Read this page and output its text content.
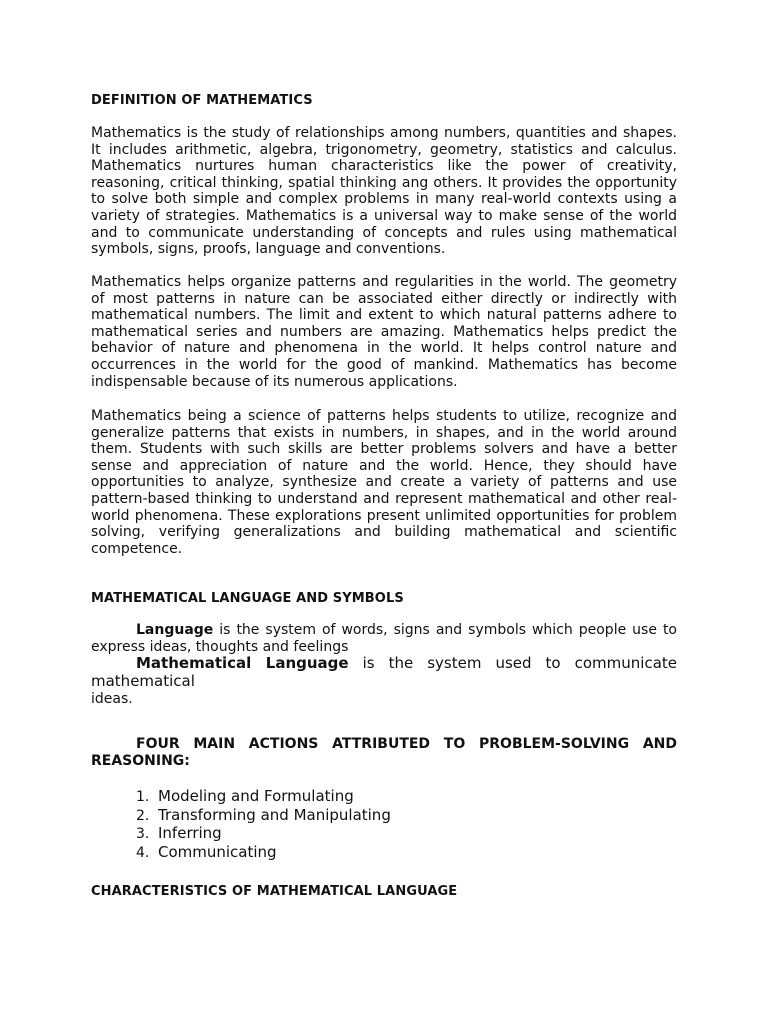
DEFINITION OF MATHEMATICS
Mathematics is the study of relationships among numbers, quantities and shapes. It includes arithmetic, algebra, trigonometry, geometry, statistics and calculus. Mathematics nurtures human characteristics like the power of creativity, reasoning, critical thinking, spatial thinking ang others. It provides the opportunity to solve both simple and complex problems in many real-world contexts using a variety of strategies. Mathematics is a universal way to make sense of the world and to communicate understanding of concepts and rules using mathematical symbols, signs, proofs, language and conventions.
Mathematics helps organize patterns and regularities in the world. The geometry of most patterns in nature can be associated either directly or indirectly with mathematical numbers. The limit and extent to which natural patterns adhere to mathematical series and numbers are amazing. Mathematics helps predict the behavior of nature and phenomena in the world. It helps control nature and occurrences in the world for the good of mankind. Mathematics has become indispensable because of its numerous applications.
Mathematics being a science of patterns helps students to utilize, recognize and generalize patterns that exists in numbers, in shapes, and in the world around them. Students with such skills are better problems solvers and have a better sense and appreciation of nature and the world. Hence, they should have opportunities to analyze, synthesize and create a variety of patterns and use pattern-based thinking to understand and represent mathematical and other real-world phenomena. These explorations present unlimited opportunities for problem solving, verifying generalizations and building mathematical and scientific competence.
MATHEMATICAL LANGUAGE AND SYMBOLS
Language is the system of words, signs and symbols which people use to express ideas, thoughts and feelings
Mathematical Language is the system used to communicate mathematical
ideas.
FOUR MAIN ACTIONS ATTRIBUTED TO PROBLEM-SOLVING AND REASONING:
1. Modeling and Formulating
2. Transforming and Manipulating
3. Inferring
4. Communicating
CHARACTERISTICS OF MATHEMATICAL LANGUAGE
